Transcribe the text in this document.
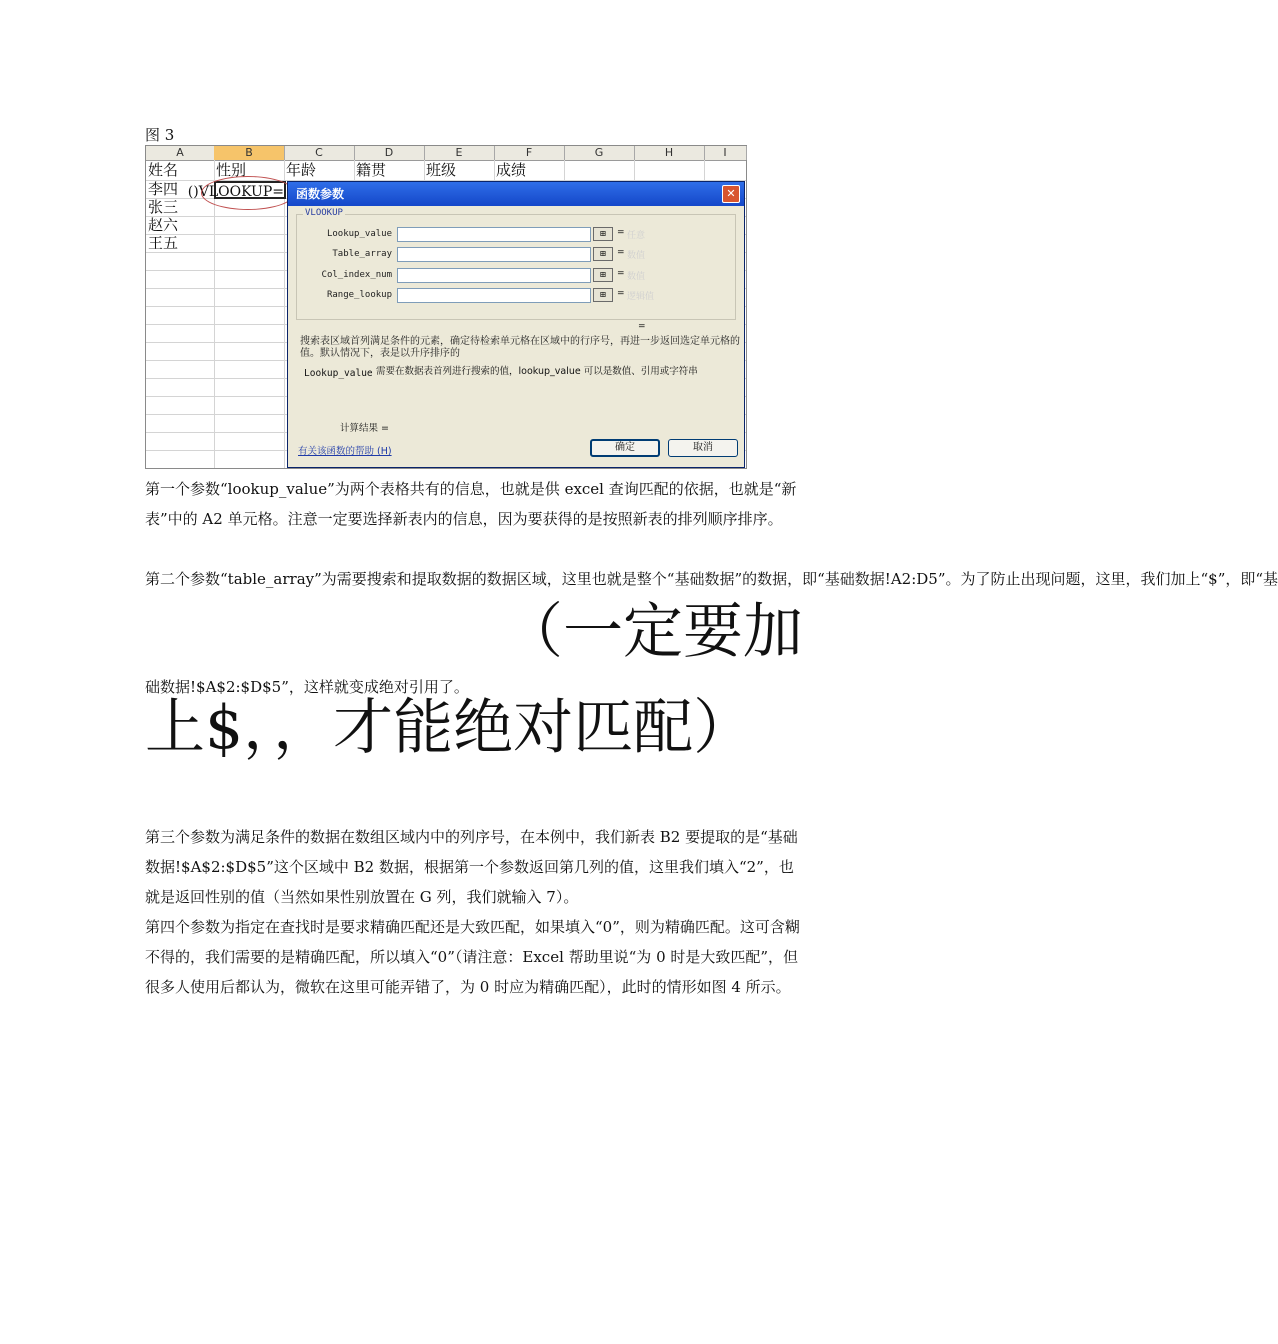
图 3
A	B	C	D	E	F	G	H	I
姓名	性别	年龄	籍贯	班级	成绩
李四
张三
赵六
王五
=VLOOKUP()	函数参数	✕
VLOOKUP
Lookup_value	⊞	= 任意
Table_array	⊞	= 数值
Col_index_num	⊞	= 数值
Range_lookup	⊞	= 逻辑值
=
搜索表区域首列满足条件的元素，确定待检索单元格在区域中的行序号，再进一步返回选定单元格的值。默认情况下，表是以升序排序的
Lookup_value 需要在数据表首列进行搜索的值，lookup_value 可以是数值、引用或字符串
计算结果 =
有关该函数的帮助 (H)	确定	取消

第一个参数“lookup_value”为两个表格共有的信息，也就是供 excel 查询匹配的依据，也就是“新表”中的 A2 单元格。注意一定要选择新表内的信息，因为要获得的是按照新表的排列顺序排序。

第二个参数“table_array”为需要搜索和提取数据的数据区域，这里也就是整个“基础数据”的数据，即“基础数据!A2:D5”。为了防止出现问题，这里，我们加上“$”，即“基

（一定要加

础数据!$A$2:$D$5”，这样就变成绝对引用了。

上$，，才能绝对匹配）

第三个参数为满足条件的数据在数组区域内中的列序号，在本例中，我们新表 B2 要提取的是“基础数据!$A$2:$D$5”这个区域中 B2 数据，根据第一个参数返回第几列的值，这里我们填入“2”，也就是返回性别的值（当然如果性别放置在 G 列，我们就输入 7）。

第四个参数为指定在查找时是要求精确匹配还是大致匹配，如果填入“0”，则为精确匹配。这可含糊不得的，我们需要的是精确匹配，所以填入“0”（请注意：Excel 帮助里说“为 0 时是大致匹配”，但很多人使用后都认为，微软在这里可能弄错了，为 0 时应为精确匹配），此时的情形如图 4 所示。
